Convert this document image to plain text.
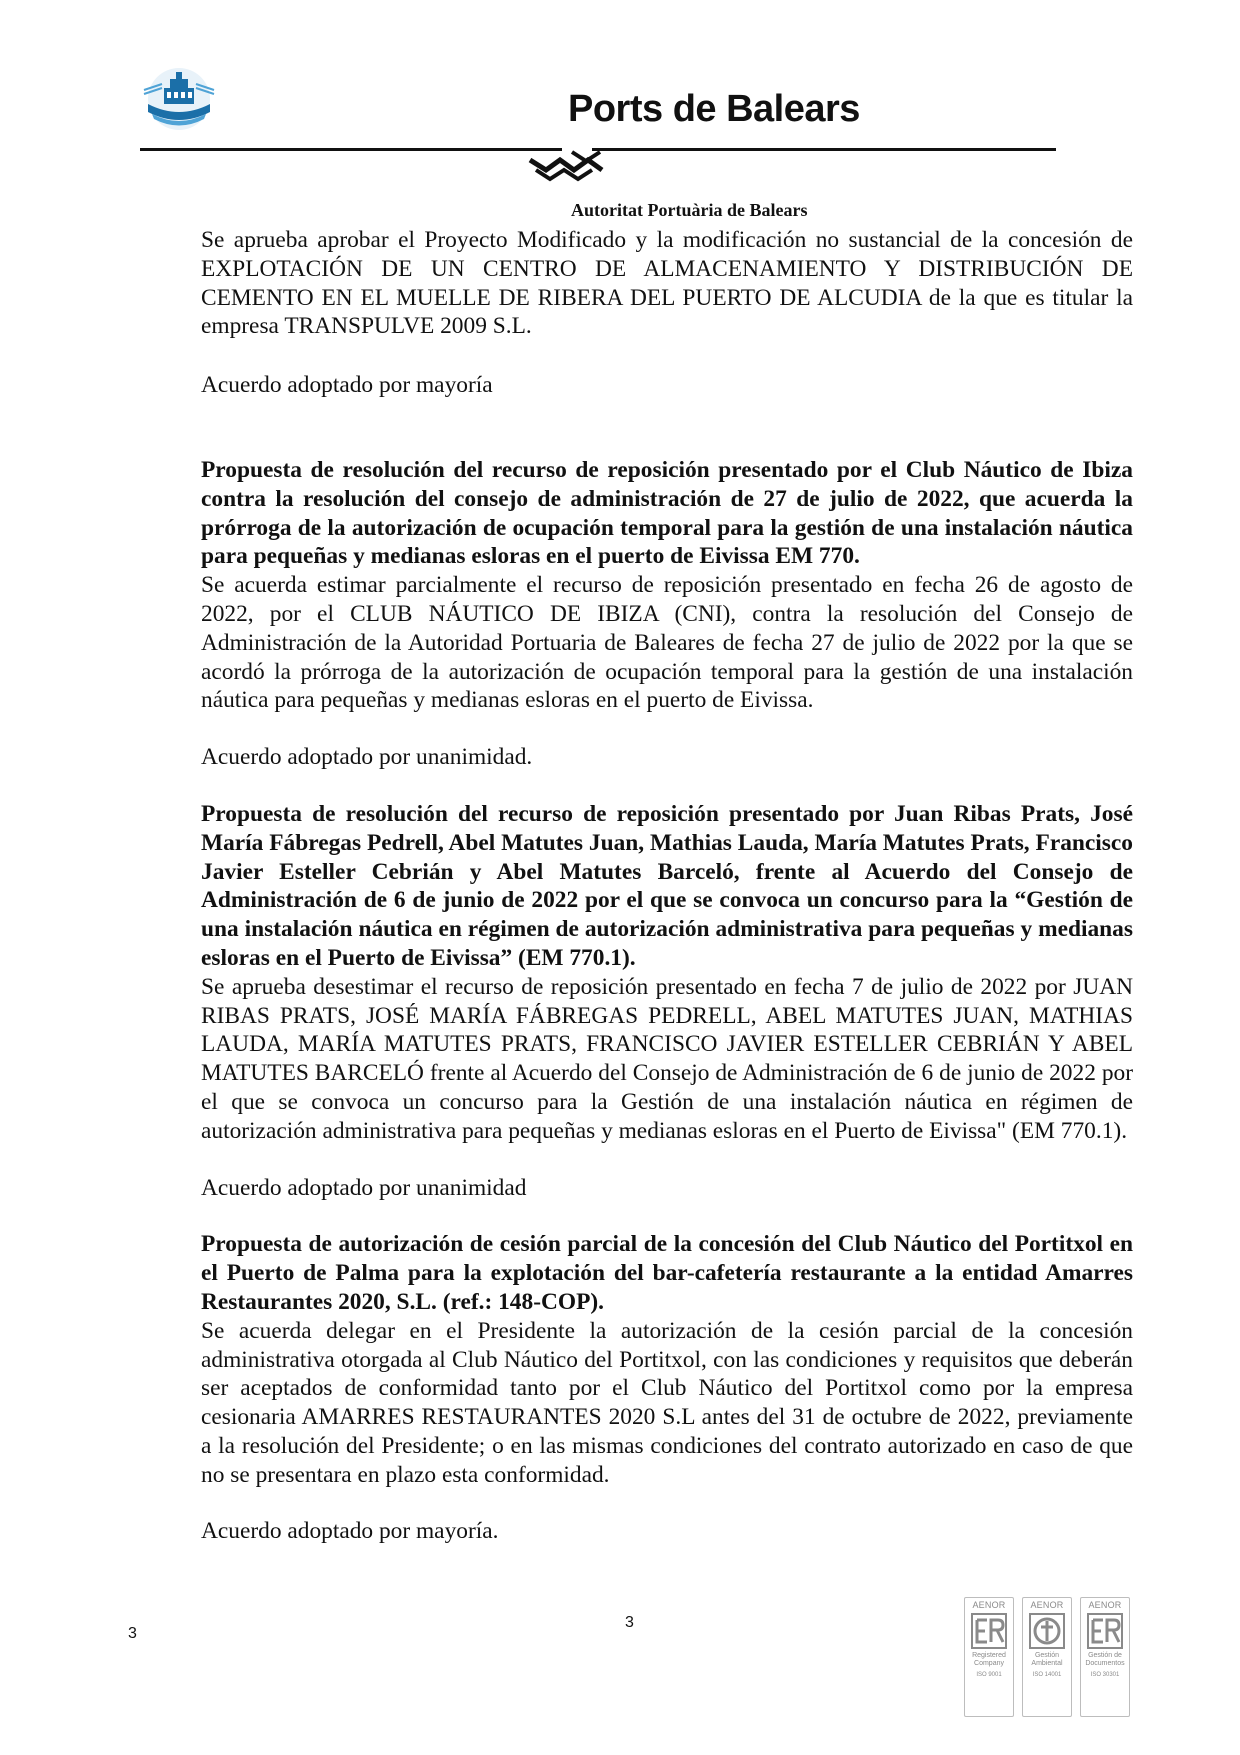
Ports de Balears
Autoritat Portuària de Balears

Se aprueba aprobar el Proyecto Modificado y la modificación no sustancial de la concesión de EXPLOTACIÓN DE UN CENTRO DE ALMACENAMIENTO Y DISTRIBUCIÓN DE CEMENTO EN EL MUELLE DE RIBERA DEL PUERTO DE ALCUDIA de la que es titular la empresa TRANSPULVE 2009 S.L.

Acuerdo adoptado por mayoría

Propuesta de resolución del recurso de reposición presentado por el Club Náutico de Ibiza contra la resolución del consejo de administración de 27 de julio de 2022, que acuerda la prórroga de la autorización de ocupación temporal para la gestión de una instalación náutica para pequeñas y medianas esloras en el puerto de Eivissa EM 770.

Se acuerda estimar parcialmente el recurso de reposición presentado en fecha 26 de agosto de 2022, por el CLUB NÁUTICO DE IBIZA (CNI), contra la resolución del Consejo de Administración de la Autoridad Portuaria de Baleares de fecha 27 de julio de 2022 por la que se acordó la prórroga de la autorización de ocupación temporal para la gestión de una instalación náutica para pequeñas y medianas esloras en el puerto de Eivissa.

Acuerdo adoptado por unanimidad.

Propuesta de resolución del recurso de reposición presentado por Juan Ribas Prats, José María Fábregas Pedrell, Abel Matutes Juan, Mathias Lauda, María Matutes Prats, Francisco Javier Esteller Cebrián y Abel Matutes Barceló, frente al Acuerdo del Consejo de Administración de 6 de junio de 2022 por el que se convoca un concurso para la “Gestión de una instalación náutica en régimen de autorización administrativa para pequeñas y medianas esloras en el Puerto de Eivissa” (EM 770.1).

Se aprueba desestimar el recurso de reposición presentado en fecha 7 de julio de 2022 por JUAN RIBAS PRATS, JOSÉ MARÍA FÁBREGAS PEDRELL, ABEL MATUTES JUAN, MATHIAS LAUDA, MARÍA MATUTES PRATS, FRANCISCO JAVIER ESTELLER CEBRIÁN Y ABEL MATUTES BARCELÓ frente al Acuerdo del Consejo de Administración de 6 de junio de 2022 por el que se convoca un concurso para la Gestión de una instalación náutica en régimen de autorización administrativa para pequeñas y medianas esloras en el Puerto de Eivissa" (EM 770.1).

Acuerdo adoptado por unanimidad

Propuesta de autorización de cesión parcial de la concesión del Club Náutico del Portitxol en el Puerto de Palma para la explotación del bar-cafetería restaurante a la entidad Amarres Restaurantes 2020, S.L. (ref.: 148-COP).

Se acuerda delegar en el Presidente la autorización de la cesión parcial de la concesión administrativa otorgada al Club Náutico del Portitxol, con las condiciones y requisitos que deberán ser aceptados de conformidad tanto por el Club Náutico del Portitxol como por la empresa cesionaria AMARRES RESTAURANTES 2020 S.L antes del 31 de octubre de 2022, previamente a la resolución del Presidente; o en las mismas condiciones del contrato autorizado en caso de que no se presentara en plazo esta conformidad.

Acuerdo adoptado por mayoría.

3
3
AENOR
Registered Company
ISO 9001
AENOR
Gestión Ambiental
ISO 14001
AENOR
Gestión de Documentos
ISO 30301
